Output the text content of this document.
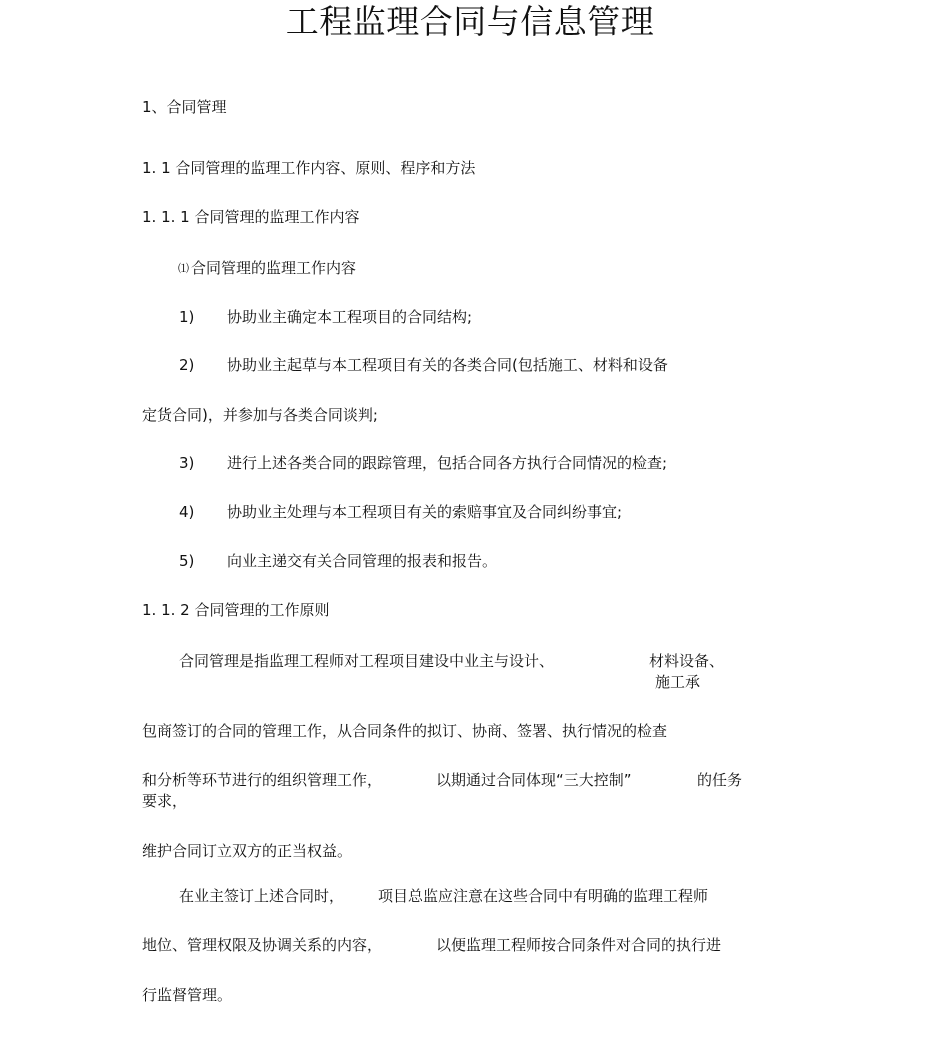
工程监理合同与信息管理

1、合同管理

1. 1 合同管理的监理工作内容、原则、程序和方法

1. 1. 1 合同管理的监理工作内容

⑴ 合同管理的监理工作内容

1) 协助业主确定本工程项目的合同结构;

2) 协助业主起草与本工程项目有关的各类合同(包括施工、材料和设备

定货合同)，并参加与各类合同谈判;

3) 进行上述各类合同的跟踪管理，包括合同各方执行合同情况的检查;

4) 协助业主处理与本工程项目有关的索赔事宜及合同纠纷事宜;

5) 向业主递交有关合同管理的报表和报告。

1. 1. 2 合同管理的工作原则

合同管理是指监理工程师对工程项目建设中业主与设计、	材料设备、

施工承

包商签订的合同的管理工作，从合同条件的拟订、协商、签署、执行情况的检查

和分析等环节进行的组织管理工作，	以期通过合同体现“三大控制”	的任务

要求，

维护合同订立双方的正当权益。

在业主签订上述合同时， 项目总监应注意在这些合同中有明确的监理工程师

地位、管理权限及协调关系的内容，	以便监理工程师按合同条件对合同的执行进

行监督管理。
